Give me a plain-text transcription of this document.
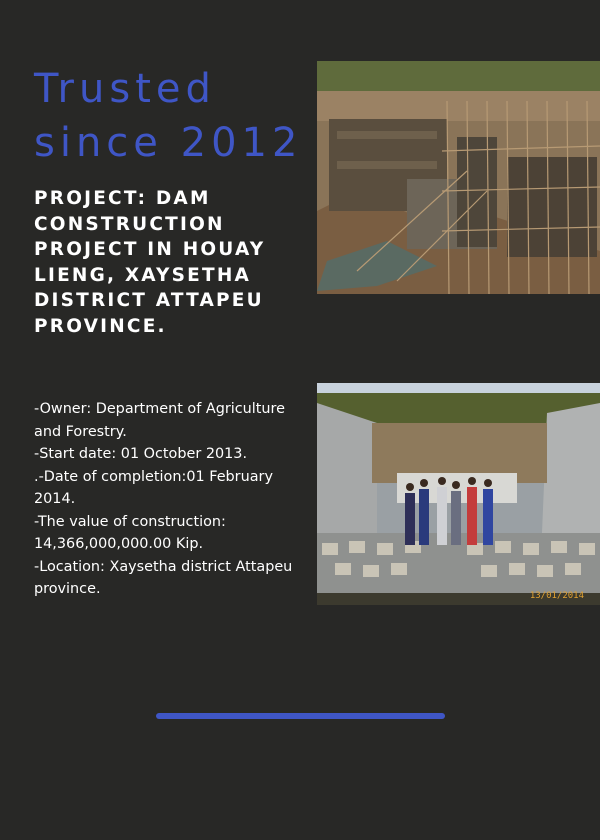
Trusted
since 2012
PROJECT: DAM CONSTRUCTION PROJECT IN HOUAY LIENG, XAYSETHA DISTRICT ATTAPEU PROVINCE.
-Owner: Department of Agriculture and Forestry.
-Start date: 01 October 2013.
.-Date of completion:01 February 2014.
-The value of construction: 14,366,000,000.00 Kip.
-Location: Xaysetha district Attapeu province.	13/01/2014
